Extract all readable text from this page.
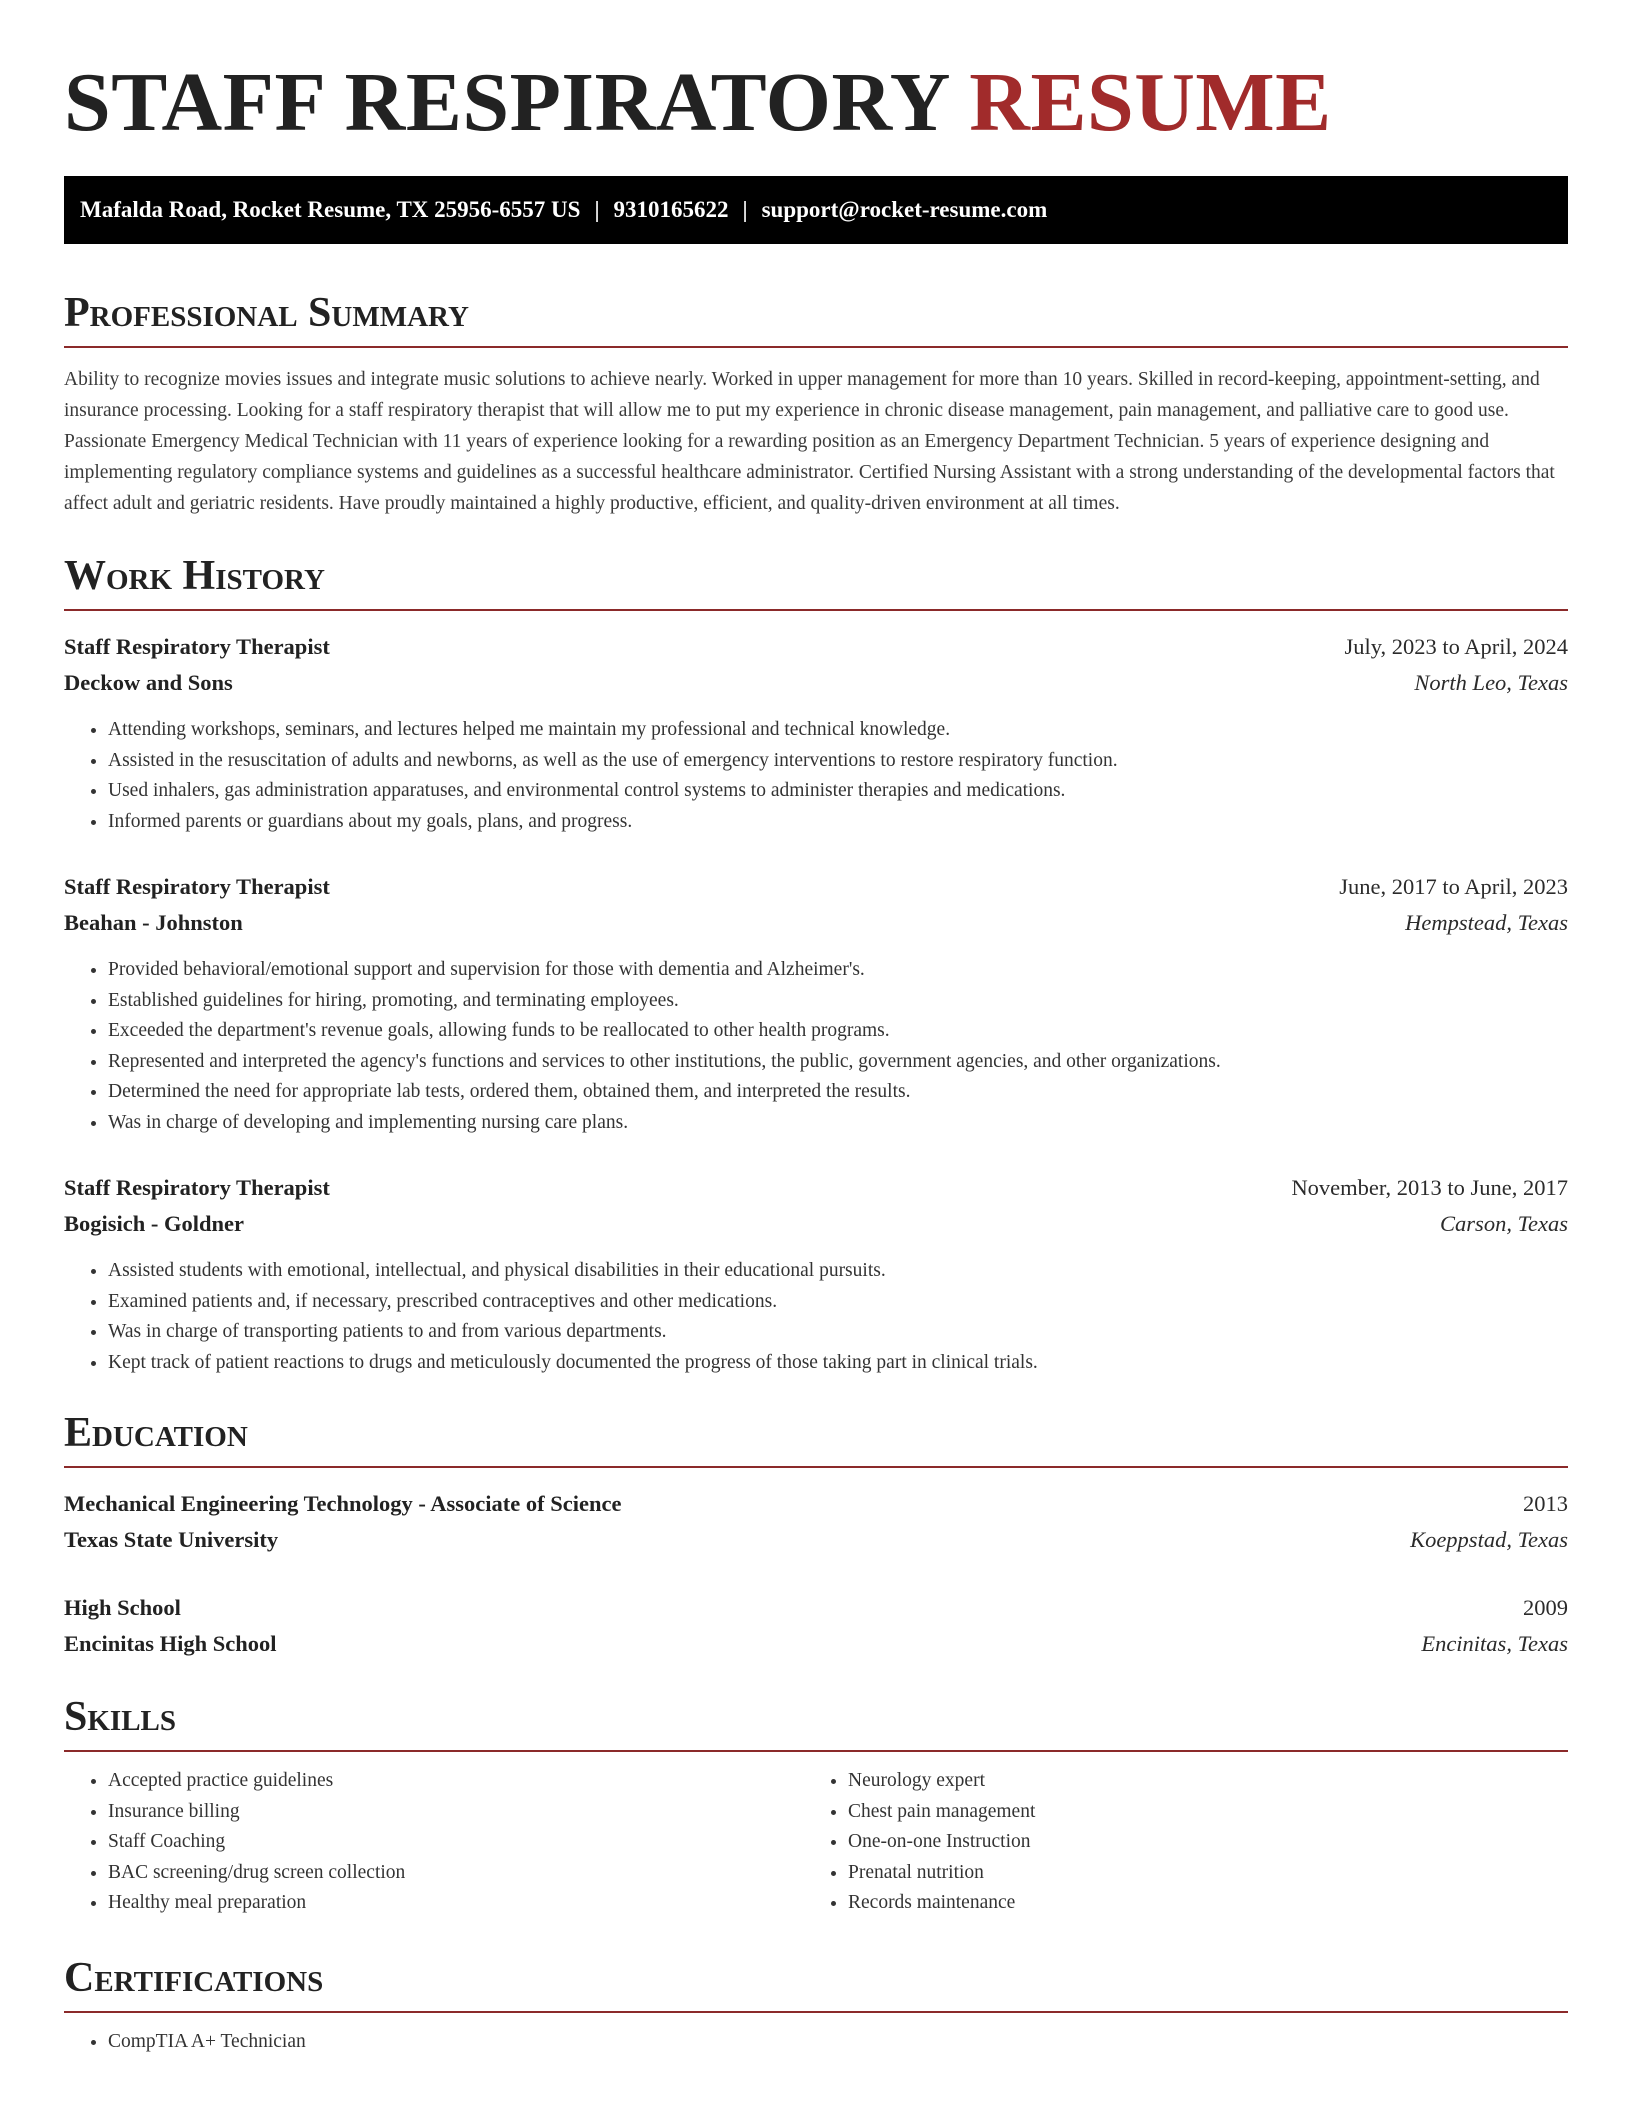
STAFF RESPIRATORY RESUME
Mafalda Road, Rocket Resume, TX 25956-6557 US | 9310165622 | support@rocket-resume.com
Professional Summary

Ability to recognize movies issues and integrate music solutions to achieve nearly. Worked in upper management for more than 10 years. Skilled in record-keeping, appointment-setting, and insurance processing. Looking for a staff respiratory therapist that will allow me to put my experience in chronic disease management, pain management, and palliative care to good use. Passionate Emergency Medical Technician with 11 years of experience looking for a rewarding position as an Emergency Department Technician. 5 years of experience designing and implementing regulatory compliance systems and guidelines as a successful healthcare administrator. Certified Nursing Assistant with a strong understanding of the developmental factors that affect adult and geriatric residents. Have proudly maintained a highly productive, efficient, and quality-driven environment at all times.

Work History
Staff Respiratory Therapist	July, 2023 to April, 2024
Deckow and Sons	North Leo, Texas
• Attending workshops, seminars, and lectures helped me maintain my professional and technical knowledge.
• Assisted in the resuscitation of adults and newborns, as well as the use of emergency interventions to restore respiratory function.
• Used inhalers, gas administration apparatuses, and environmental control systems to administer therapies and medications.
• Informed parents or guardians about my goals, plans, and progress.
Staff Respiratory Therapist	June, 2017 to April, 2023
Beahan - Johnston	Hempstead, Texas
• Provided behavioral/emotional support and supervision for those with dementia and Alzheimer's.
• Established guidelines for hiring, promoting, and terminating employees.
• Exceeded the department's revenue goals, allowing funds to be reallocated to other health programs.
• Represented and interpreted the agency's functions and services to other institutions, the public, government agencies, and other organizations.
• Determined the need for appropriate lab tests, ordered them, obtained them, and interpreted the results.
• Was in charge of developing and implementing nursing care plans.
Staff Respiratory Therapist	November, 2013 to June, 2017
Bogisich - Goldner	Carson, Texas
• Assisted students with emotional, intellectual, and physical disabilities in their educational pursuits.
• Examined patients and, if necessary, prescribed contraceptives and other medications.
• Was in charge of transporting patients to and from various departments.
• Kept track of patient reactions to drugs and meticulously documented the progress of those taking part in clinical trials.
Education
Mechanical Engineering Technology - Associate of Science	2013
Texas State University	Koeppstad, Texas
High School	2009
Encinitas High School	Encinitas, Texas
Skills
• Accepted practice guidelines
• Insurance billing
• Staff Coaching
• BAC screening/drug screen collection
• Healthy meal preparation
• Neurology expert
• Chest pain management
• One-on-one Instruction
• Prenatal nutrition
• Records maintenance
Certifications
• CompTIA A+ Technician
